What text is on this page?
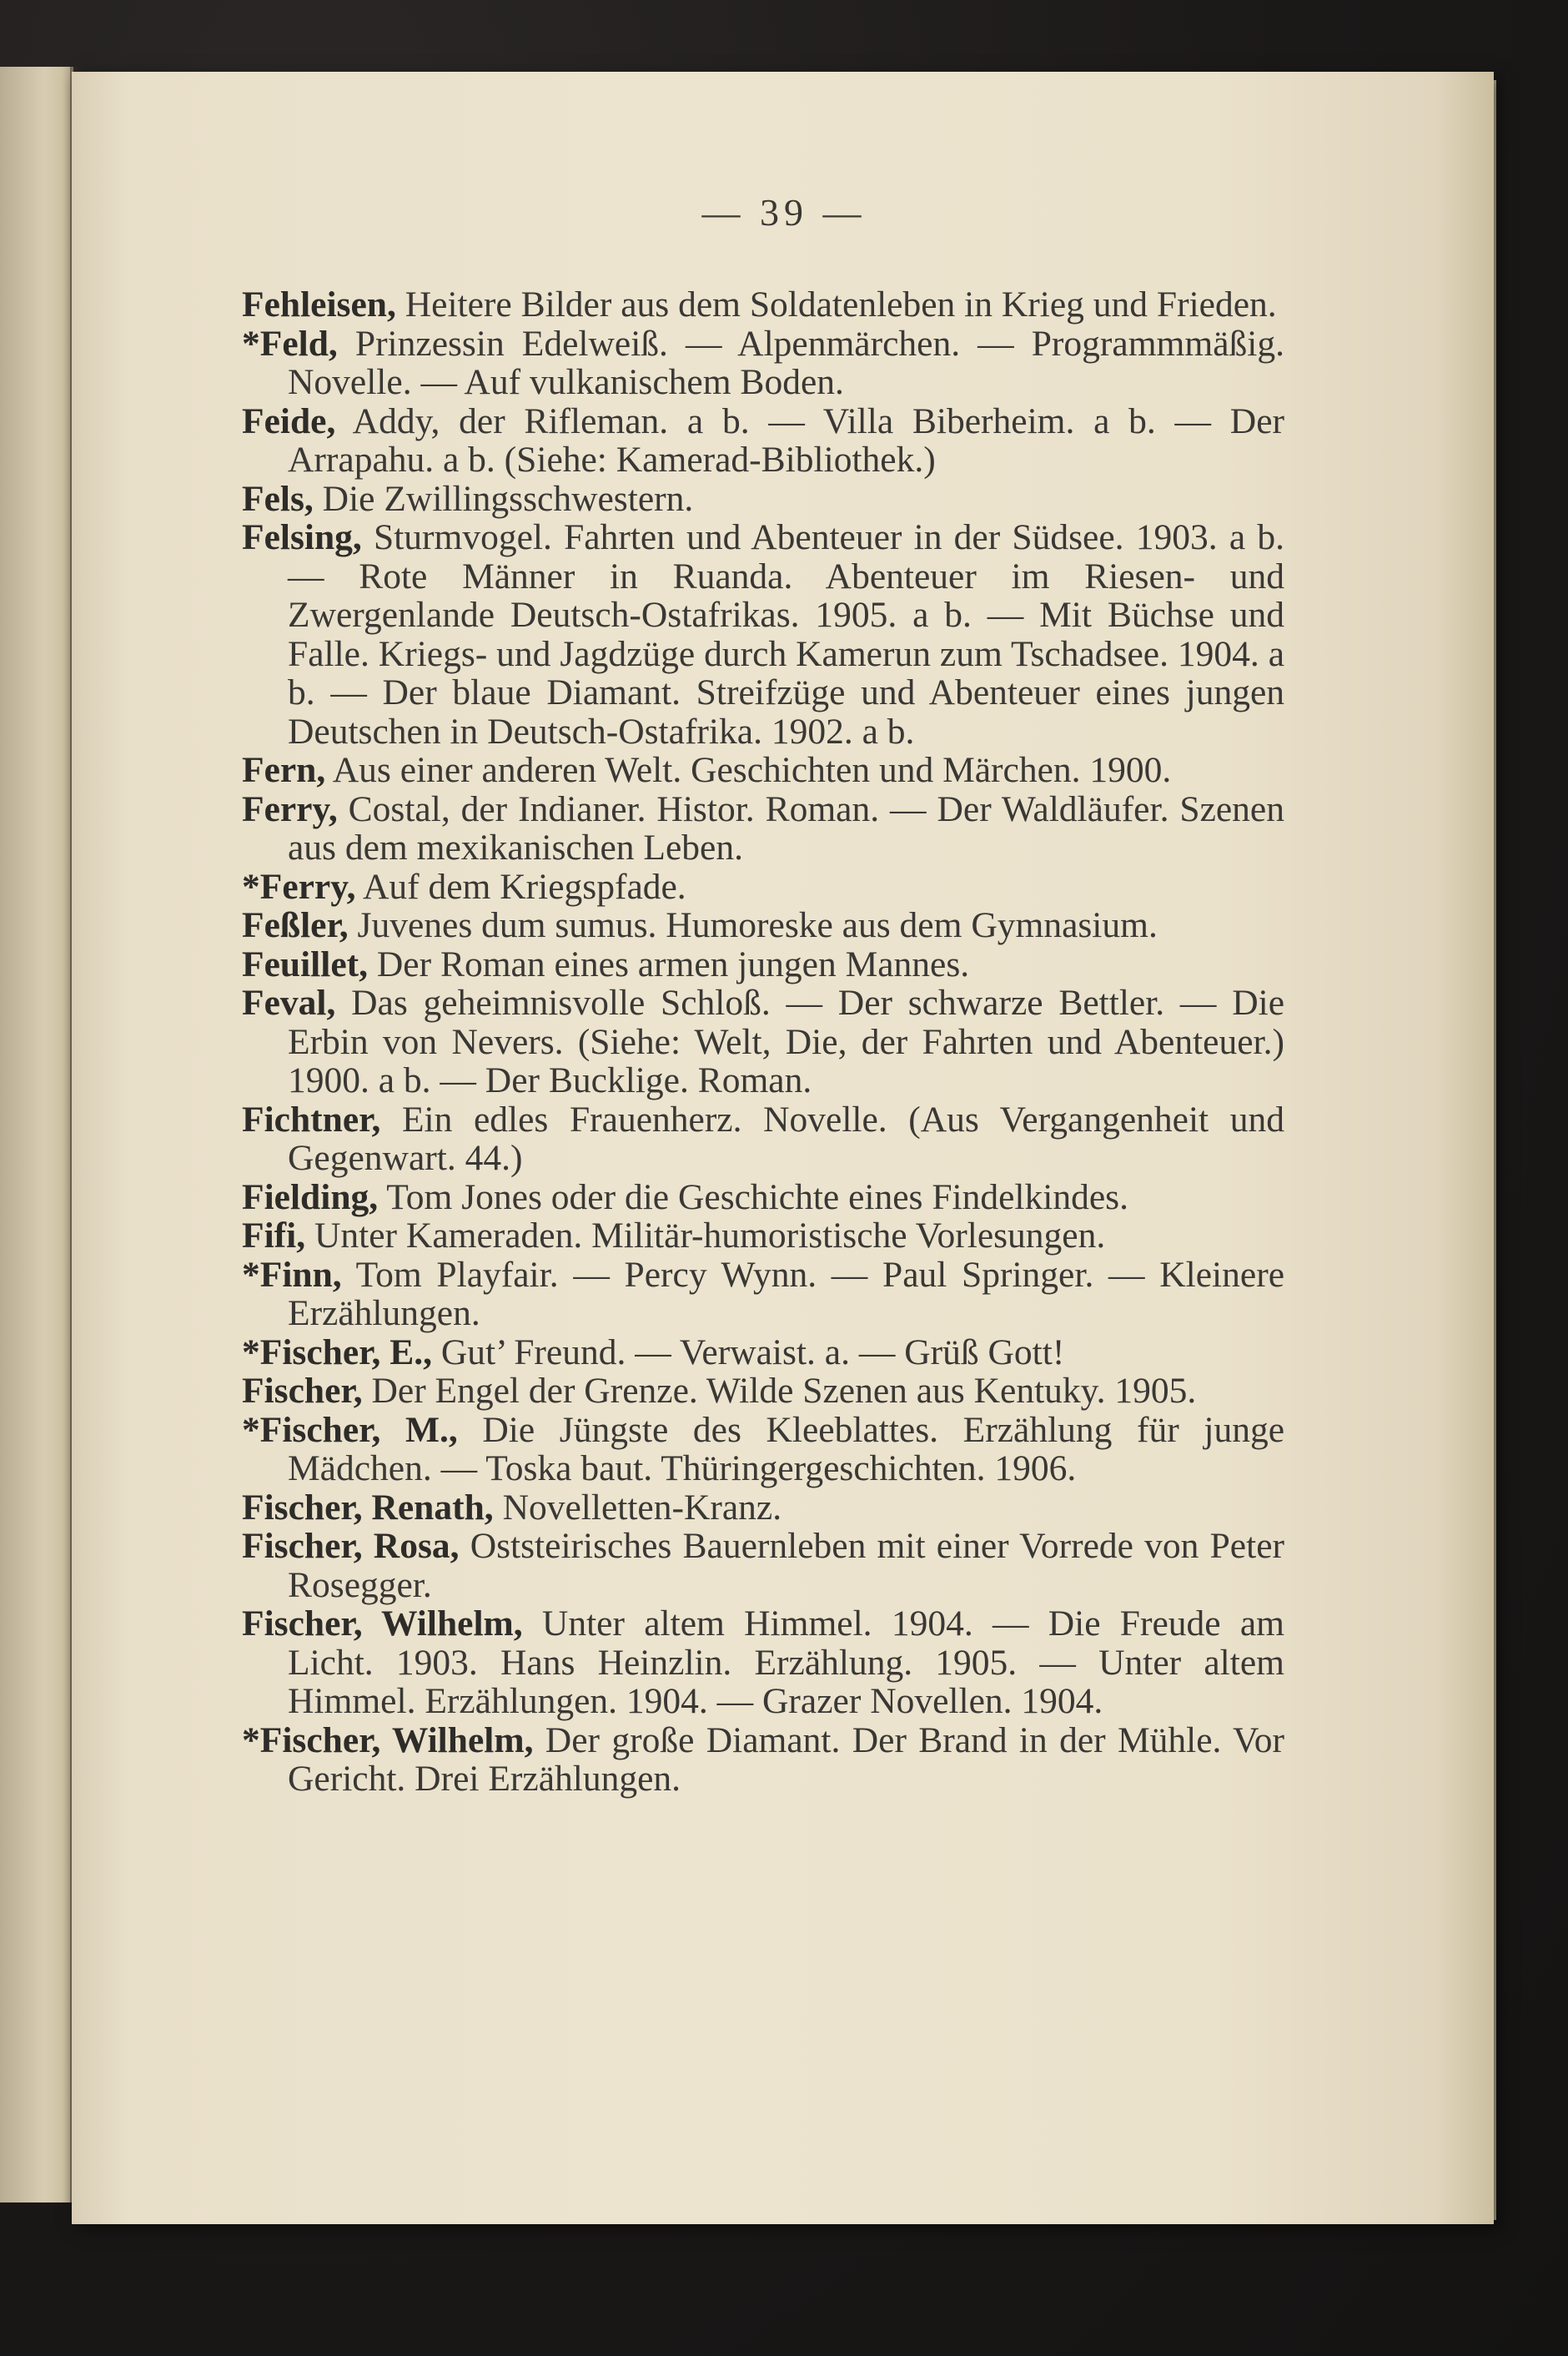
— 39 —

Fehleisen, Heitere Bilder aus dem Soldatenleben in Krieg und Frieden.

*Feld, Prinzessin Edelweiß. — Alpenmärchen. — Programmmäßig. Novelle. — Auf vulkanischem Boden.

Feide, Addy, der Rifleman. a b. — Villa Biberheim. a b. — Der Arrapahu. a b. (Siehe: Kamerad-Bibliothek.)

Fels, Die Zwillingsschwestern.

Felsing, Sturmvogel. Fahrten und Abenteuer in der Südsee. 1903. a b. — Rote Männer in Ruanda. Abenteuer im Riesen- und Zwergenlande Deutsch-Ostafrikas. 1905. a b. — Mit Büchse und Falle. Kriegs- und Jagdzüge durch Kamerun zum Tschadsee. 1904. a b. — Der blaue Diamant. Streifzüge und Abenteuer eines jungen Deutschen in Deutsch-Ostafrika. 1902. a b.

Fern, Aus einer anderen Welt. Geschichten und Märchen. 1900.

Ferry, Costal, der Indianer. Histor. Roman. — Der Waldläufer. Szenen aus dem mexikanischen Leben.

*Ferry, Auf dem Kriegspfade.

Feßler, Juvenes dum sumus. Humoreske aus dem Gymnasium.

Feuillet, Der Roman eines armen jungen Mannes.

Feval, Das geheimnisvolle Schloß. — Der schwarze Bettler. — Die Erbin von Nevers. (Siehe: Welt, Die, der Fahrten und Abenteuer.) 1900. a b. — Der Bucklige. Roman.

Fichtner, Ein edles Frauenherz. Novelle. (Aus Vergangenheit und Gegenwart. 44.)

Fielding, Tom Jones oder die Geschichte eines Findelkindes.

Fifi, Unter Kameraden. Militär-humoristische Vorlesungen.

*Finn, Tom Playfair. — Percy Wynn. — Paul Springer. — Kleinere Erzählungen.

*Fischer, E., Gut’ Freund. — Verwaist. a. — Grüß Gott!

Fischer, Der Engel der Grenze. Wilde Szenen aus Kentuky. 1905.

*Fischer, M., Die Jüngste des Kleeblattes. Erzählung für junge Mädchen. — Toska baut. Thüringergeschichten. 1906.

Fischer, Renath, Novelletten-Kranz.

Fischer, Rosa, Oststeirisches Bauernleben mit einer Vorrede von Peter Rosegger.

Fischer, Wilhelm, Unter altem Himmel. 1904. — Die Freude am Licht. 1903. Hans Heinzlin. Erzählung. 1905. — Unter altem Himmel. Erzählungen. 1904. — Grazer Novellen. 1904.

*Fischer, Wilhelm, Der große Diamant. Der Brand in der Mühle. Vor Gericht. Drei Erzählungen.
